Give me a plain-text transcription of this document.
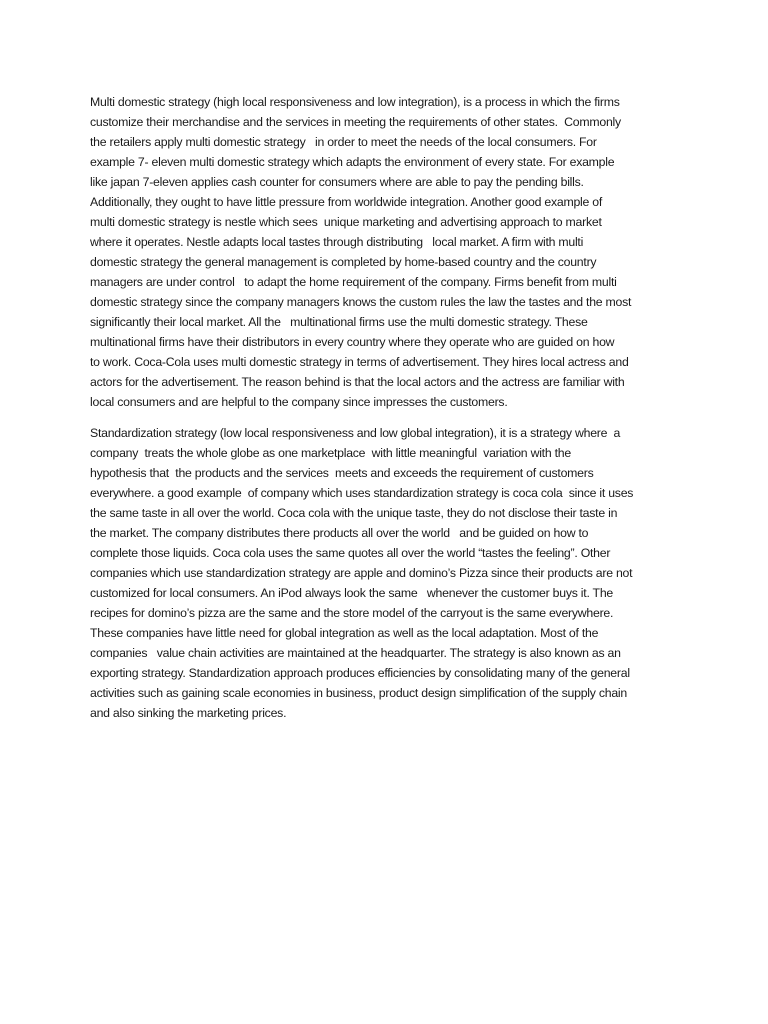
Multi domestic strategy (high local responsiveness and low integration), is a process in which the firms
customize their merchandise and the services in meeting the requirements of other states.  Commonly
the retailers apply multi domestic strategy   in order to meet the needs of the local consumers. For
example 7- eleven multi domestic strategy which adapts the environment of every state. For example
like japan 7-eleven applies cash counter for consumers where are able to pay the pending bills.
Additionally, they ought to have little pressure from worldwide integration. Another good example of
multi domestic strategy is nestle which sees  unique marketing and advertising approach to market
where it operates. Nestle adapts local tastes through distributing   local market. A firm with multi
domestic strategy the general management is completed by home-based country and the country
managers are under control   to adapt the home requirement of the company. Firms benefit from multi
domestic strategy since the company managers knows the custom rules the law the tastes and the most
significantly their local market. All the   multinational firms use the multi domestic strategy. These
multinational firms have their distributors in every country where they operate who are guided on how
to work. Coca-Cola uses multi domestic strategy in terms of advertisement. They hires local actress and
actors for the advertisement. The reason behind is that the local actors and the actress are familiar with
local consumers and are helpful to the company since impresses the customers.
Standardization strategy (low local responsiveness and low global integration), it is a strategy where  a
company  treats the whole globe as one marketplace  with little meaningful  variation with the
hypothesis that  the products and the services  meets and exceeds the requirement of customers
everywhere. a good example  of company which uses standardization strategy is coca cola  since it uses
the same taste in all over the world. Coca cola with the unique taste, they do not disclose their taste in
the market. The company distributes there products all over the world   and be guided on how to
complete those liquids. Coca cola uses the same quotes all over the world “tastes the feeling”. Other
companies which use standardization strategy are apple and domino’s Pizza since their products are not
customized for local consumers. An iPod always look the same   whenever the customer buys it. The
recipes for domino’s pizza are the same and the store model of the carryout is the same everywhere.
These companies have little need for global integration as well as the local adaptation. Most of the
companies   value chain activities are maintained at the headquarter. The strategy is also known as an
exporting strategy. Standardization approach produces efficiencies by consolidating many of the general
activities such as gaining scale economies in business, product design simplification of the supply chain
and also sinking the marketing prices.
